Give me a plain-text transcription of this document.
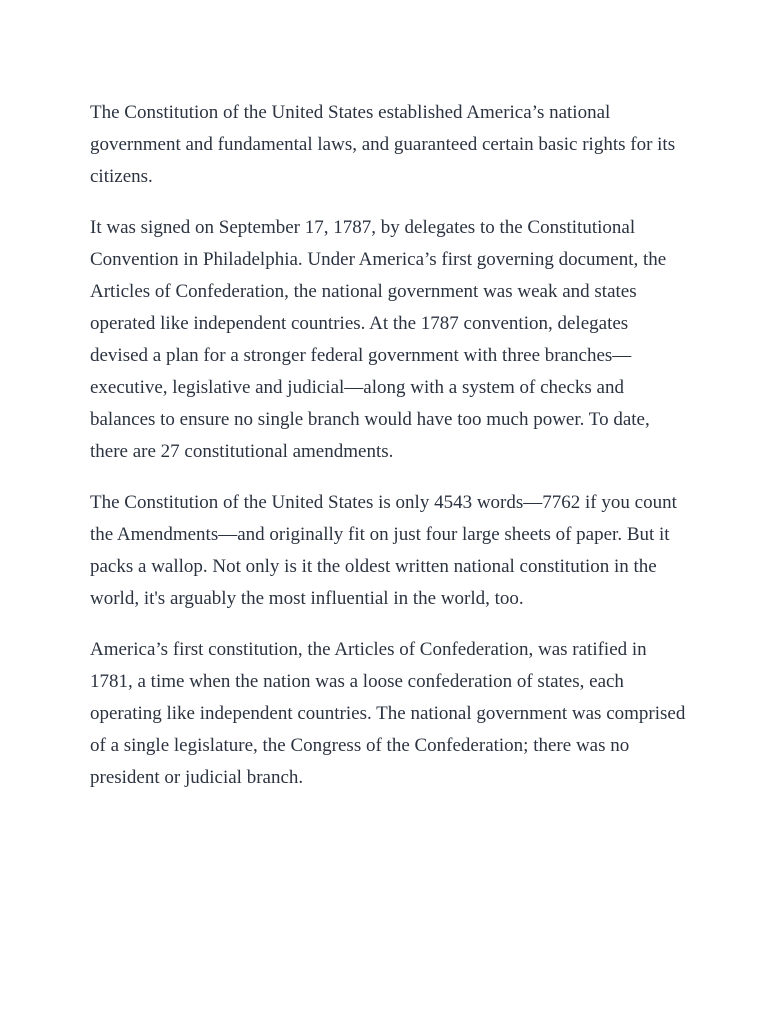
The Constitution of the United States established America’s national government and fundamental laws, and guaranteed certain basic rights for its citizens.

It was signed on September 17, 1787, by delegates to the Constitutional Convention in Philadelphia. Under America’s first governing document, the Articles of Confederation, the national government was weak and states operated like independent countries. At the 1787 convention, delegates devised a plan for a stronger federal government with three branches—executive, legislative and judicial—along with a system of checks and balances to ensure no single branch would have too much power. To date, there are 27 constitutional amendments.

The Constitution of the United States is only 4543 words—7762 if you count the Amendments—and originally fit on just four large sheets of paper. But it packs a wallop. Not only is it the oldest written national constitution in the world, it's arguably the most influential in the world, too.

America’s first constitution, the Articles of Confederation, was ratified in 1781, a time when the nation was a loose confederation of states, each operating like independent countries. The national government was comprised of a single legislature, the Congress of the Confederation; there was no president or judicial branch.
